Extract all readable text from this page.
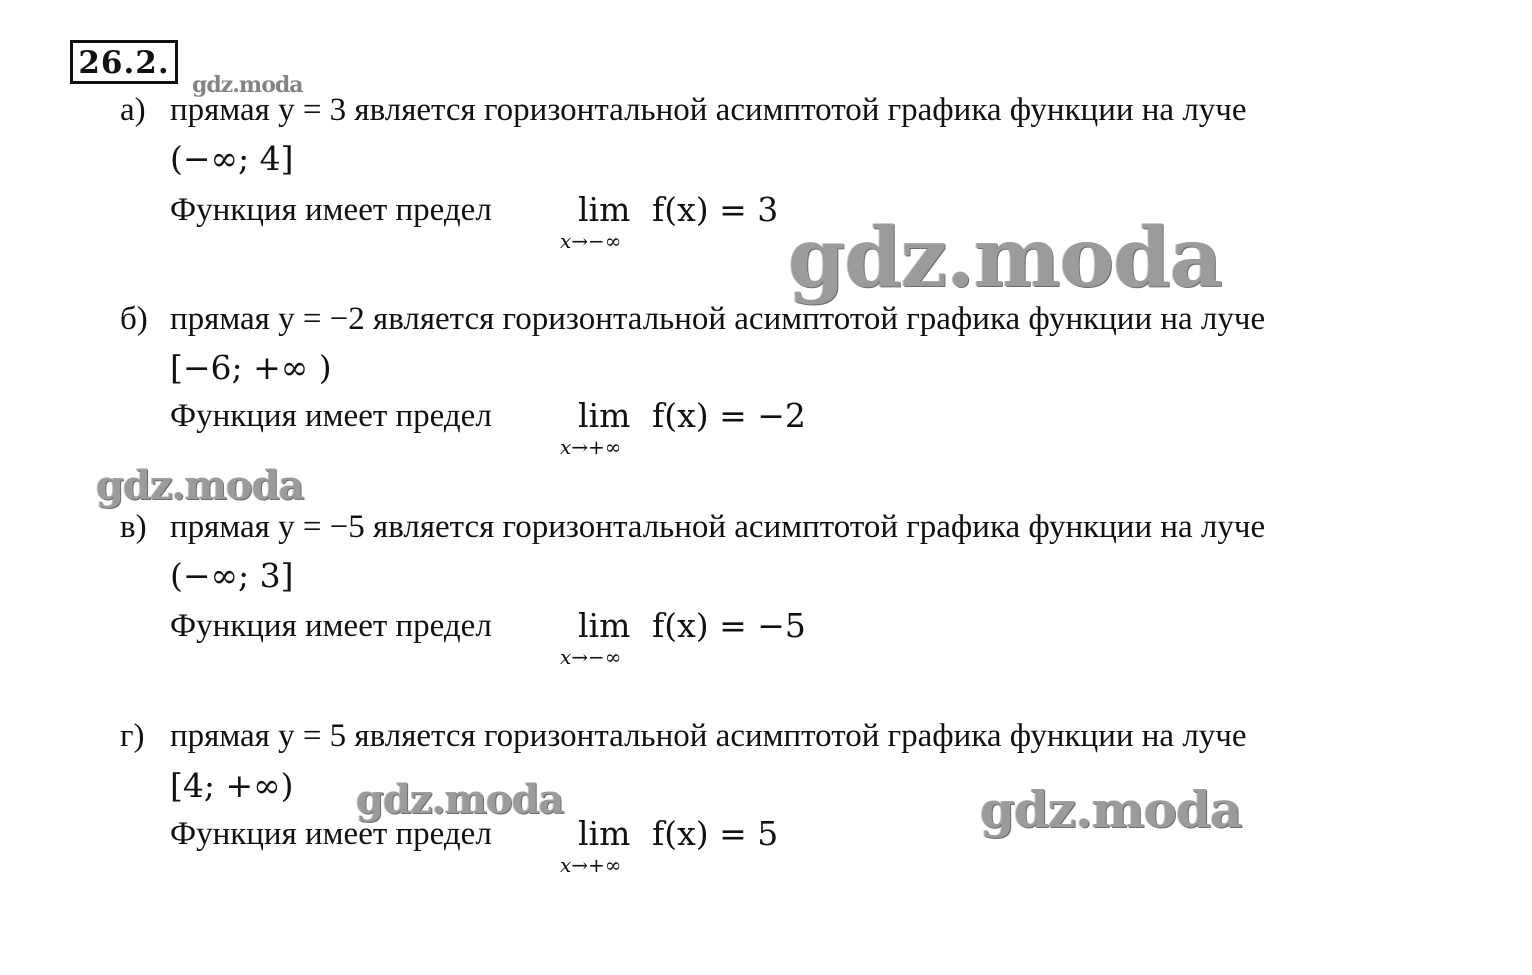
26.2.
а) прямая y = 3 является горизонтальной асимптотой графика функции на луче
(−∞; 4]
Функция имеет предел	lim
x→−∞
f(x) = 3
б) прямая y = −2 является горизонтальной асимптотой графика функции на луче
[−6; +∞ )
Функция имеет предел	lim
x→+∞
f(x) = −2
в) прямая y = −5 является горизонтальной асимптотой графика функции на луче
(−∞; 3]
Функция имеет предел	lim
x→−∞
f(x) = −5
г) прямая y = 5 является горизонтальной асимптотой графика функции на луче
[4; +∞)
Функция имеет предел	lim
x→+∞
f(x) = 5
gdz.moda
gdz.moda
gdz.moda
gdz.moda	gdz.moda
